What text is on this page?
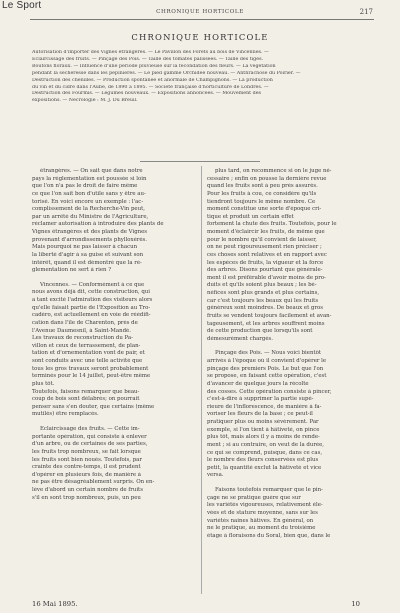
Le Sport
CHRONIQUE HORTICOLE	217
CHRONIQUE HORTICOLE
Autorisation d'importer des Vignes étrangères. — Le Pavillon des Forêts au bois de Vincennes. —
Éclaircissage des fruits. — Pinçage des Pois. — Taille des tomates palissées. — Taille des tiges.
Boutons floraux. — Influence d'une période pluvieuse sur la fécondation des fleurs. — La végétation
pendant la sécheresse dans les pépinières. — Le pied gamme Orchidée nouveau. — Anthracnose du Poirier. —
Destruction des chenilles. — Production spontanée et anormale de Champignons. — La production
du vin et du cidre dans l'Aube, de 1890 à 1895. — Société française d'horticulture de Londres. —
Destruction des Fourmis. — Légumes nouveaux. — Expositions annoncées. — Mouvement des
expositions. — Nécrologie : M. J. Du Breuil.
étrangères. — On sait que dans notre
pays la réglementation est poussée si loin
que l'on n'a pas le droit de faire même
ce que l'on sait bon d'utile sans y être au-
torisé. En voici encore un exemple : l'ac-
complissement de la Recherche-Vin peut,
par un arrêté du Ministre de l'Agriculture,
réclamer autorisation à introduire des plants de
Vignes étrangères et des plants de Vignes
provenant d'arrondissements phylloxérés.
Mais pourquoi ne pas laisser à chacun
la liberté d'agir à sa guise et suivant son
intérêt, quand il est démontré que la ré-
glementation ne sert à rien ?
Vincennes. — Conformément à ce que
nous avons déjà dit, cette construction, qui
a tant excité l'admiration des visiteurs alors
qu'elle faisait partie de l'Exposition au Tro-
cadéro, est actuellement en voie de réédifi-
cation dans l'île de Charenton, près de
l'Avenue Daumesnil, à Saint-Mandé.
Les travaux de reconstruction du Pa-
villon et ceux de terrassement, de plan-
tation et d'ornementation vont de pair, et
sont conduits avec une telle activité que
tous les gros travaux seront probablement
terminés pour le 14 juillet, peut-être même
plus tôt.
Toutefois, faisons remarquer que beau-
coup de bois sont délabrés; on pourrait
penser sans s'en douter, que certains (même
mutilés) être remplacés.
Éclaircissage des fruits. — Cette im-
portante opération, qui consiste à enlever
d'un arbre, ou de certaines de ses parties,
les fruits trop nombreux, se fait lorsque
les fruits sont bien noués. Toutefois, par
crainte des contre-temps, il est prudent
d'opérer en plusieurs fois, de manière à
ne pas être désagréablement surpris. On en-
lève d'abord un certain nombre de fruits
s'il en sont trop nombreux, puis, un peu
plus tard, on recommence si on le juge né-
cessaire ; enfin on pousse la dernière revue
quand les fruits sont à peu près assurés.
Pour les fruits à cou, ce considère qu'ils
tiendront toujours le même nombre. Ce
moment constitue une sorte d'époque cri-
tique et produit un certain effet
fortement la chute des fruits. Toutefois, pour le
moment d'éclaircir les fruits, de même que
pour le nombre qu'il convient de laisser,
on ne peut rigoureusement rien préciser ;
ces choses sont relatives et en rapport avec
les espèces de fruits, la vigueur et la force
des arbres. Disons pourtant que générale-
ment il est préférable d'avoir moins de pro-
duits et qu'ils soient plus beaux ; les bé-
néfices sont plus grands et plus certains,
car c'est toujours les beaux qui les fruits
généreux sont moindres. De beaux et gros
fruits se vendent toujours facilement et avan-
tageusement, et les arbres souffrent moins
de cette production que lorsqu'ils sont
démesurément chargés.
Pinçage des Pois. — Nous voici bientôt
arrivés à l'époque où il convient d'opérer le
pinçage des premiers Pois. Le but que l'on
se propose, en faisant cette opération, c'est
d'avancer de quelque jours la récolte
des cosses. Cette opération consiste à pincer,
c'est-à-dire à supprimer la partie supé-
rieure de l'inflorescence, de manière à fa-
voriser les fleurs de la base ; ce peut-il
pratiquer plus ou moins sévèrement. Par
exemple, si l'on tient à hâtiveté, on pince
plus tôt, mais alors il y a moins de rende-
ment ; si au contraire, on veut de la durée,
ce qui se comprend, puisque, dans ce cas,
le nombre des fleurs conservées est plus
petit, la quantité exclut la hâtiveté et vice
versa.
Faisons toutefois remarquer que le pin-
çage ne se pratique guère que sur
les variétés vigoureuses, relativement éle-
vées et de stature moyenne, sans sur les
variétés naines hâtives. En général, on
ne le pratique, au moment du troisième
étage à floraisons du Soral, bien que, dans le
16 Mai 1895.	10
